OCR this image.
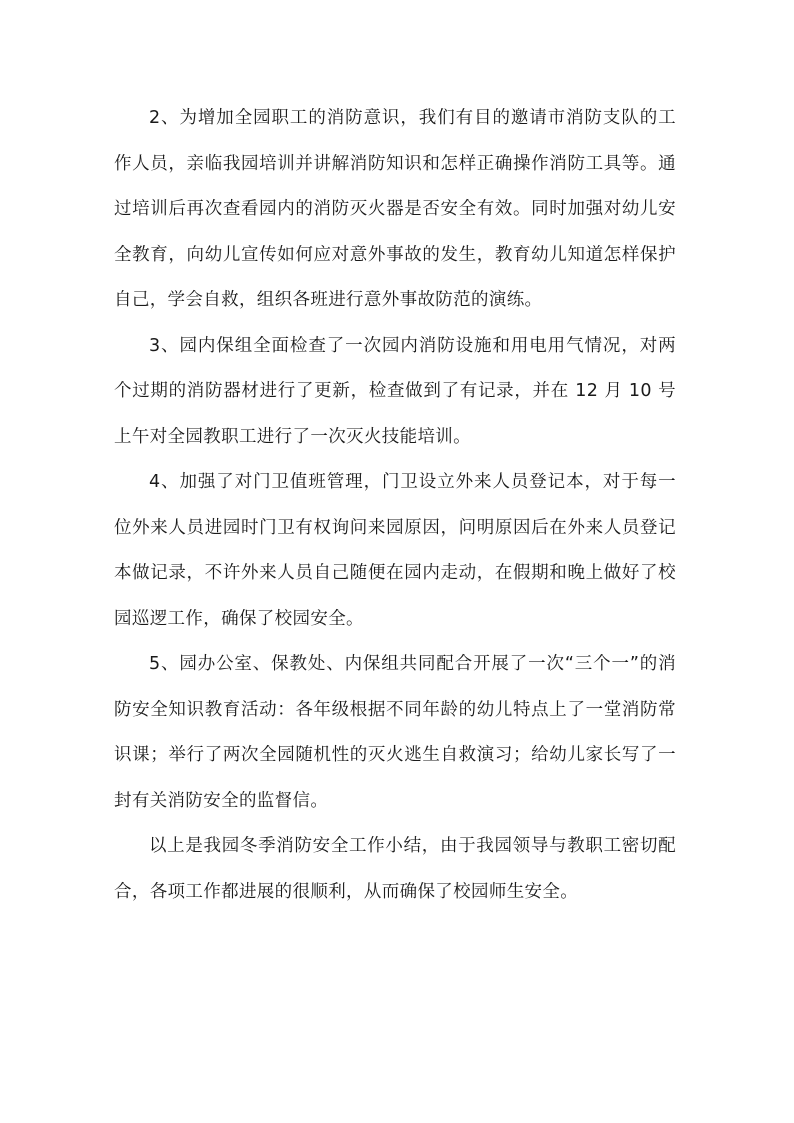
2、为增加全园职工的消防意识，我们有目的邀请市消防支队的工作人员，亲临我园培训并讲解消防知识和怎样正确操作消防工具等。通过培训后再次查看园内的消防灭火器是否安全有效。同时加强对幼儿安全教育，向幼儿宣传如何应对意外事故的发生，教育幼儿知道怎样保护自己，学会自救，组织各班进行意外事故防范的演练。

3、园内保组全面检查了一次园内消防设施和用电用气情况，对两个过期的消防器材进行了更新，检查做到了有记录，并在 12 月 10 号上午对全园教职工进行了一次灭火技能培训。

4、加强了对门卫值班管理，门卫设立外来人员登记本，对于每一位外来人员进园时门卫有权询问来园原因，问明原因后在外来人员登记本做记录，不许外来人员自己随便在园内走动，在假期和晚上做好了校园巡逻工作，确保了校园安全。

5、园办公室、保教处、内保组共同配合开展了一次“三个一”的消防安全知识教育活动：各年级根据不同年龄的幼儿特点上了一堂消防常识课；举行了两次全园随机性的灭火逃生自救演习；给幼儿家长写了一封有关消防安全的监督信。

以上是我园冬季消防安全工作小结，由于我园领导与教职工密切配合，各项工作都进展的很顺利，从而确保了校园师生安全。
